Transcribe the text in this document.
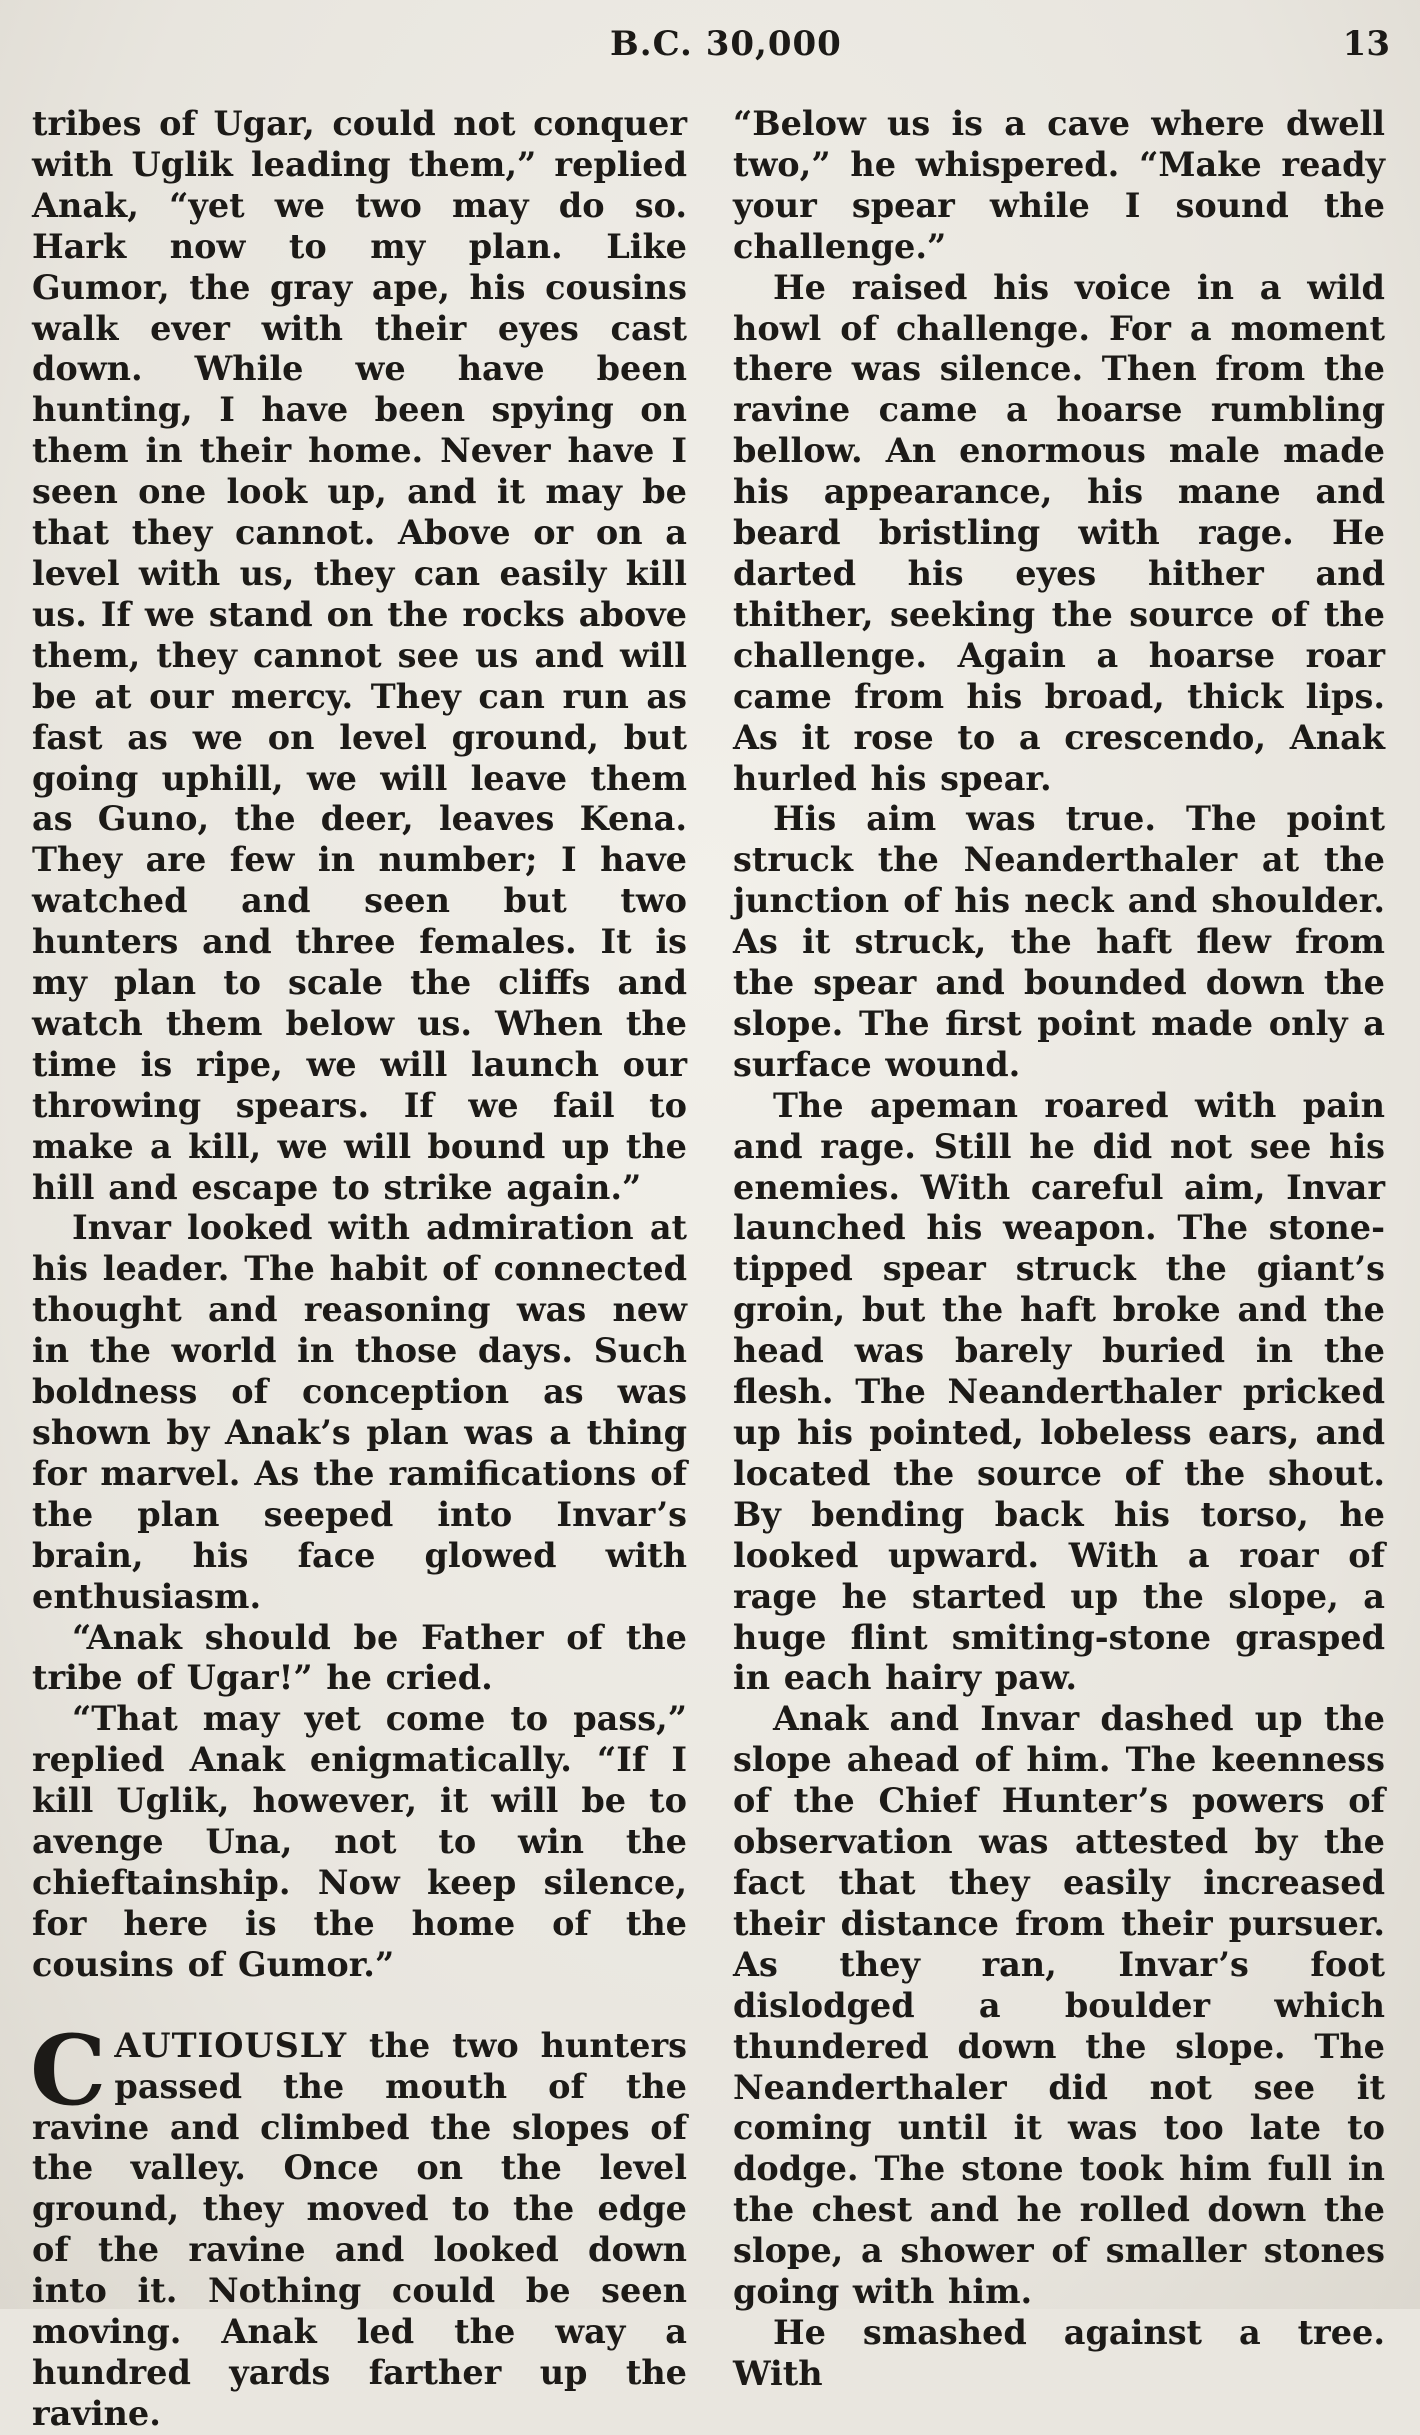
B.C. 30,000	13

tribes of Ugar, could not conquer with Uglik leading them,” replied Anak, “yet we two may do so. Hark now to my plan. Like Gumor, the gray ape, his cousins walk ever with their eyes cast down. While we have been hunting, I have been spying on them in their home. Never have I seen one look up, and it may be that they cannot. Above or on a level with us, they can easily kill us. If we stand on the rocks above them, they cannot see us and will be at our mercy. They can run as fast as we on level ground, but going uphill, we will leave them as Guno, the deer, leaves Kena. They are few in number; I have watched and seen but two hunters and three females. It is my plan to scale the cliffs and watch them below us. When the time is ripe, we will launch our throwing spears. If we fail to make a kill, we will bound up the hill and escape to strike again.”

Invar looked with admiration at his leader. The habit of connected thought and reasoning was new in the world in those days. Such boldness of conception as was shown by Anak’s plan was a thing for marvel. As the ramifications of the plan seeped into Invar’s brain, his face glowed with enthusiasm.

“Anak should be Father of the tribe of Ugar!” he cried.

“That may yet come to pass,” replied Anak enigmatically. “If I kill Uglik, however, it will be to avenge Una, not to win the chieftainship. Now keep silence, for here is the home of the cousins of Gumor.”

CAUTIOUSLY the two hunters passed the mouth of the ravine and climbed the slopes of the valley. Once on the level ground, they moved to the edge of the ravine and looked down into it. Nothing could be seen moving. Anak led the way a hundred yards farther up the ravine.

“Below us is a cave where dwell two,” he whispered. “Make ready your spear while I sound the challenge.”

He raised his voice in a wild howl of challenge. For a moment there was silence. Then from the ravine came a hoarse rumbling bellow. An enormous male made his appearance, his mane and beard bristling with rage. He darted his eyes hither and thither, seeking the source of the challenge. Again a hoarse roar came from his broad, thick lips. As it rose to a crescendo, Anak hurled his spear.

His aim was true. The point struck the Neanderthaler at the junction of his neck and shoulder. As it struck, the haft flew from the spear and bounded down the slope. The first point made only a surface wound.

The apeman roared with pain and rage. Still he did not see his enemies. With careful aim, Invar launched his weapon. The stone-tipped spear struck the giant’s groin, but the haft broke and the head was barely buried in the flesh. The Neanderthaler pricked up his pointed, lobeless ears, and located the source of the shout. By bending back his torso, he looked upward. With a roar of rage he started up the slope, a huge flint smiting-stone grasped in each hairy paw.

Anak and Invar dashed up the slope ahead of him. The keenness of the Chief Hunter’s powers of observation was attested by the fact that they easily increased their distance from their pursuer. As they ran, Invar’s foot dislodged a boulder which thundered down the slope. The Neanderthaler did not see it coming until it was too late to dodge. The stone took him full in the chest and he rolled down the slope, a shower of smaller stones going with him.

He smashed against a tree. With
